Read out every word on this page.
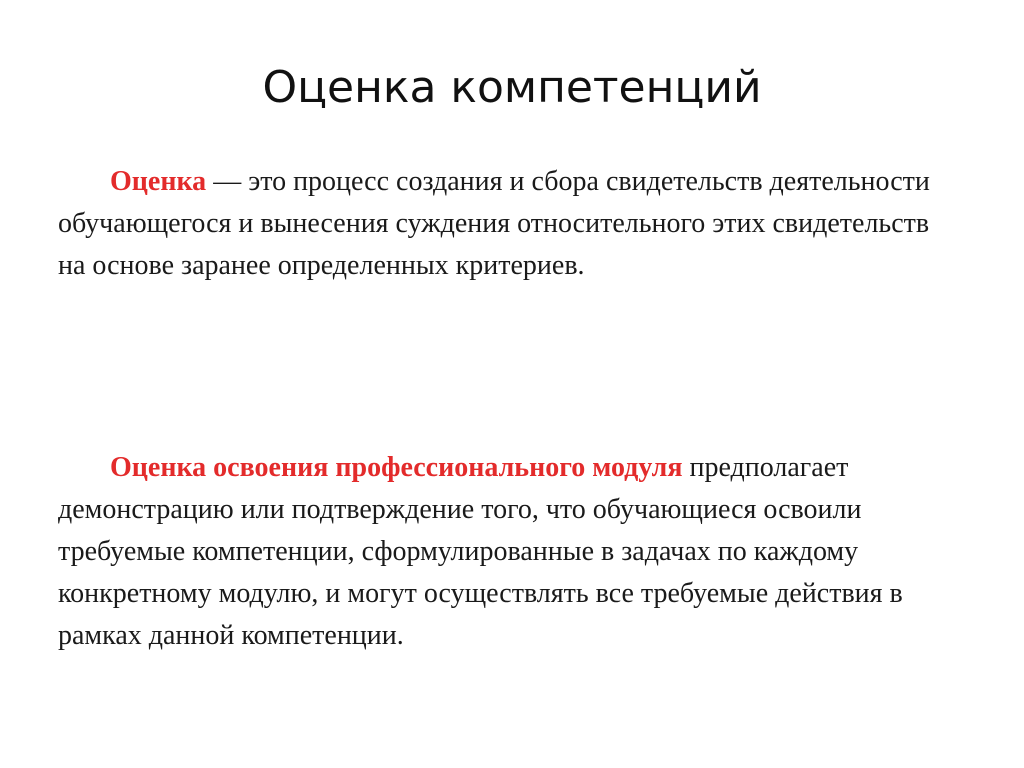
Оценка компетенций

Оценка — это процесс создания и сбора свидетельств деятельности обучающегося и вынесения суждения относительного этих свидетельств на основе заранее определенных критериев.

Оценка освоения профессионального модуля предполагает демонстрацию или подтверждение того, что обучающиеся освоили требуемые компетенции, сформулированные в задачах по каждому конкретному модулю, и могут осуществлять все требуемые действия в рамках данной компетенции.
